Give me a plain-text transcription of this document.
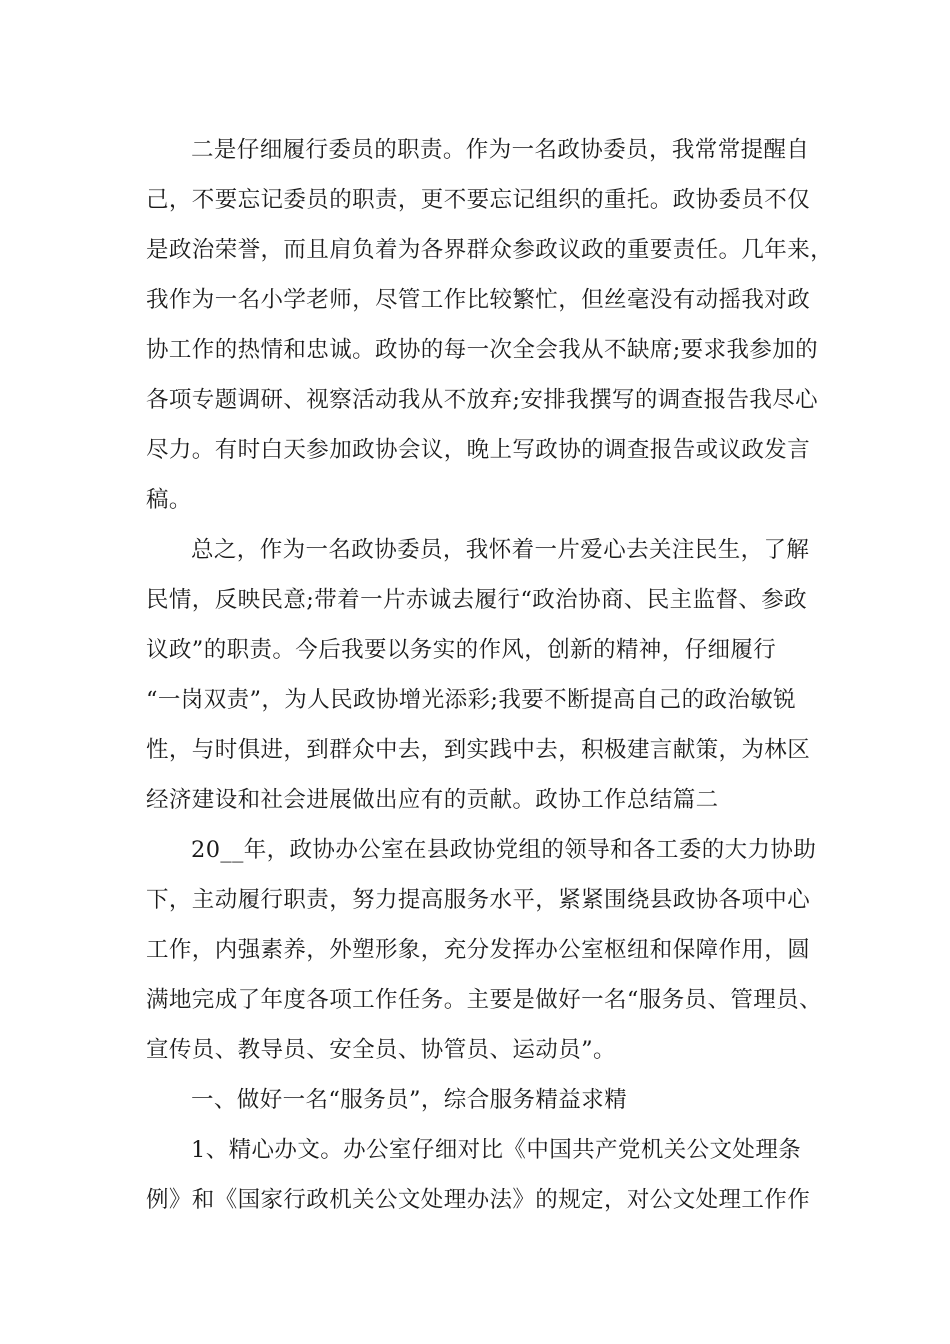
二是仔细履行委员的职责。作为一名政协委员，我常常提醒自
己，不要忘记委员的职责，更不要忘记组织的重托。政协委员不仅
是政治荣誉，而且肩负着为各界群众参政议政的重要责任。几年来，
我作为一名小学老师，尽管工作比较繁忙，但丝毫没有动摇我对政
协工作的热情和忠诚。政协的每一次全会我从不缺席;要求我参加的
各项专题调研、视察活动我从不放弃;安排我撰写的调查报告我尽心
尽力。有时白天参加政协会议，晚上写政协的调查报告或议政发言
稿。
总之，作为一名政协委员，我怀着一片爱心去关注民生，了解
民情，反映民意;带着一片赤诚去履行“政治协商、民主监督、参政
议政”的职责。今后我要以务实的作风，创新的精神，仔细履行
“一岗双责”，为人民政协增光添彩;我要不断提高自己的政治敏锐
性，与时俱进，到群众中去，到实践中去，积极建言献策，为林区
经济建设和社会进展做出应有的贡献。政协工作总结篇二
20__年，政协办公室在县政协党组的领导和各工委的大力协助
下，主动履行职责，努力提高服务水平，紧紧围绕县政协各项中心
工作，内强素养，外塑形象，充分发挥办公室枢纽和保障作用，圆
满地完成了年度各项工作任务。主要是做好一名“服务员、管理员、
宣传员、教导员、安全员、协管员、运动员”。
一、做好一名“服务员”，综合服务精益求精
1、精心办文。办公室仔细对比《中国共产党机关公文处理条
例》和《国家行政机关公文处理办法》的规定，对公文处理工作作
